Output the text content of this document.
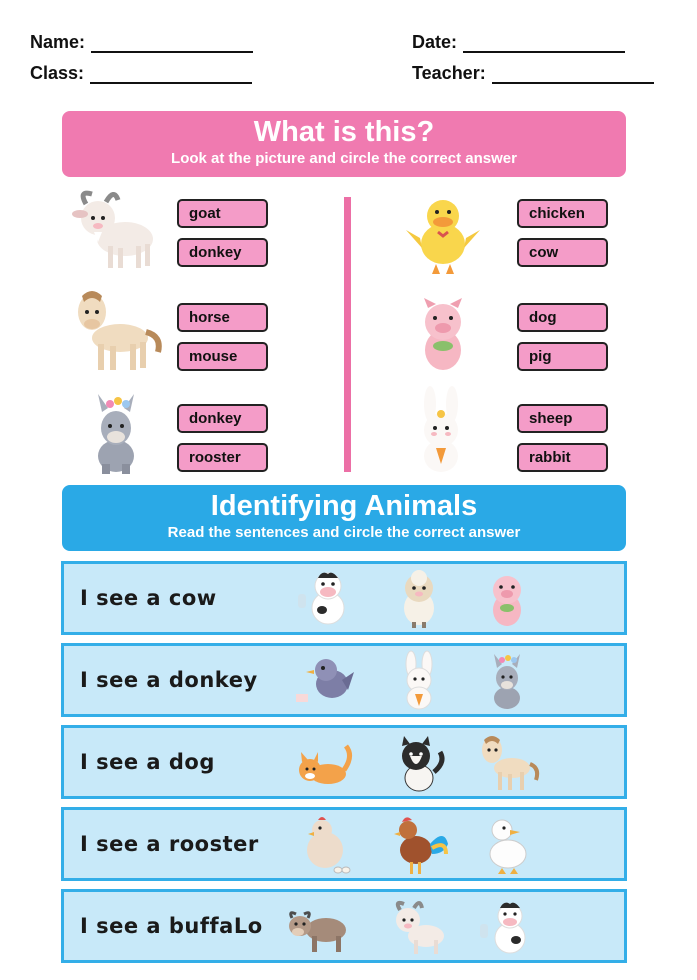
Name:	Date:
Class:	Teacher:
What is this?
Look at the picture and circle the correct answer
goat
donkey
horse
mouse
donkey
rooster
chicken
cow
dog
pig
sheep
rabbit
Identifying Animals
Read the sentences and circle the correct answer
I see a cow
I see a donkey
I see a dog
I see a rooster
I see a buffaLo
